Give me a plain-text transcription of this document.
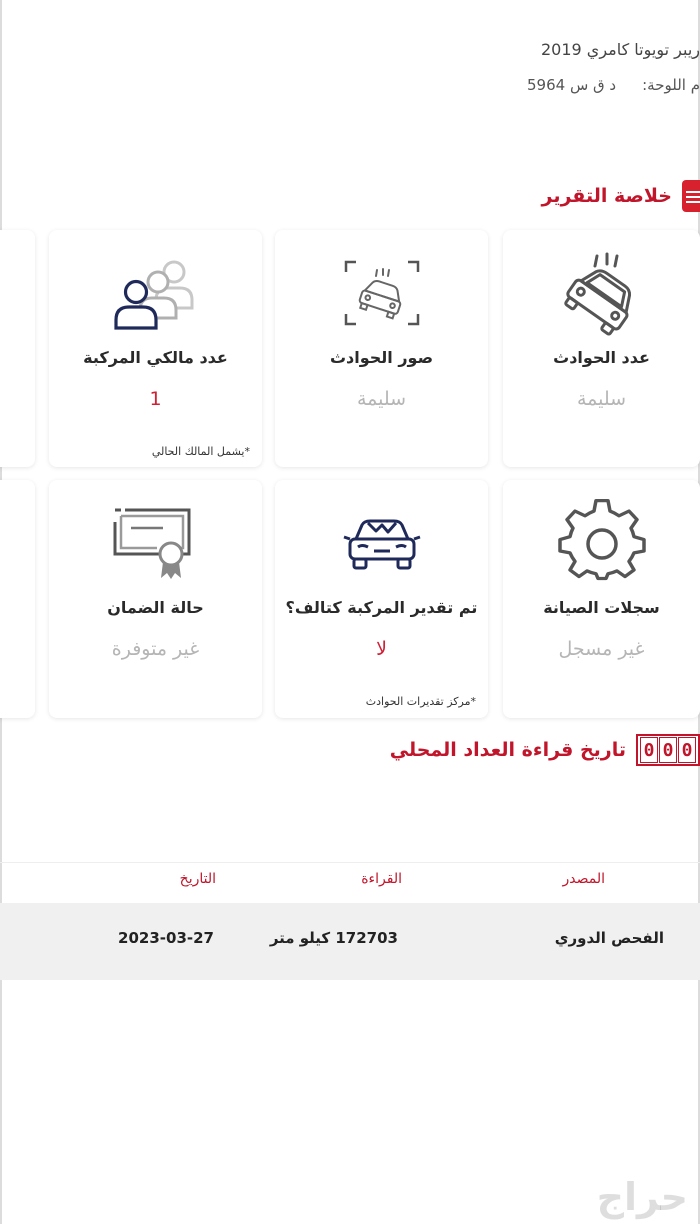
ريبر تويوتا كامري 2019
م اللوحة:
د ق س 5964
خلاصة التقرير
عدد الحوادث
سليمة
صور الحوادث
سليمة
عدد مالكي المركبة
1
*يشمل المالك الحالي
سجلات الصيانة
غير مسجل
تم تقدير المركبة كتالف؟
لا
*مركز تقديرات الحوادث
حالة الضمان
غير متوفرة
0
0
0
تاريخ قراءة العداد المحلي
المصدر
القراءة
التاريخ
الفحص الدوري
172703 كيلو متر
2023-03-27
حراج
